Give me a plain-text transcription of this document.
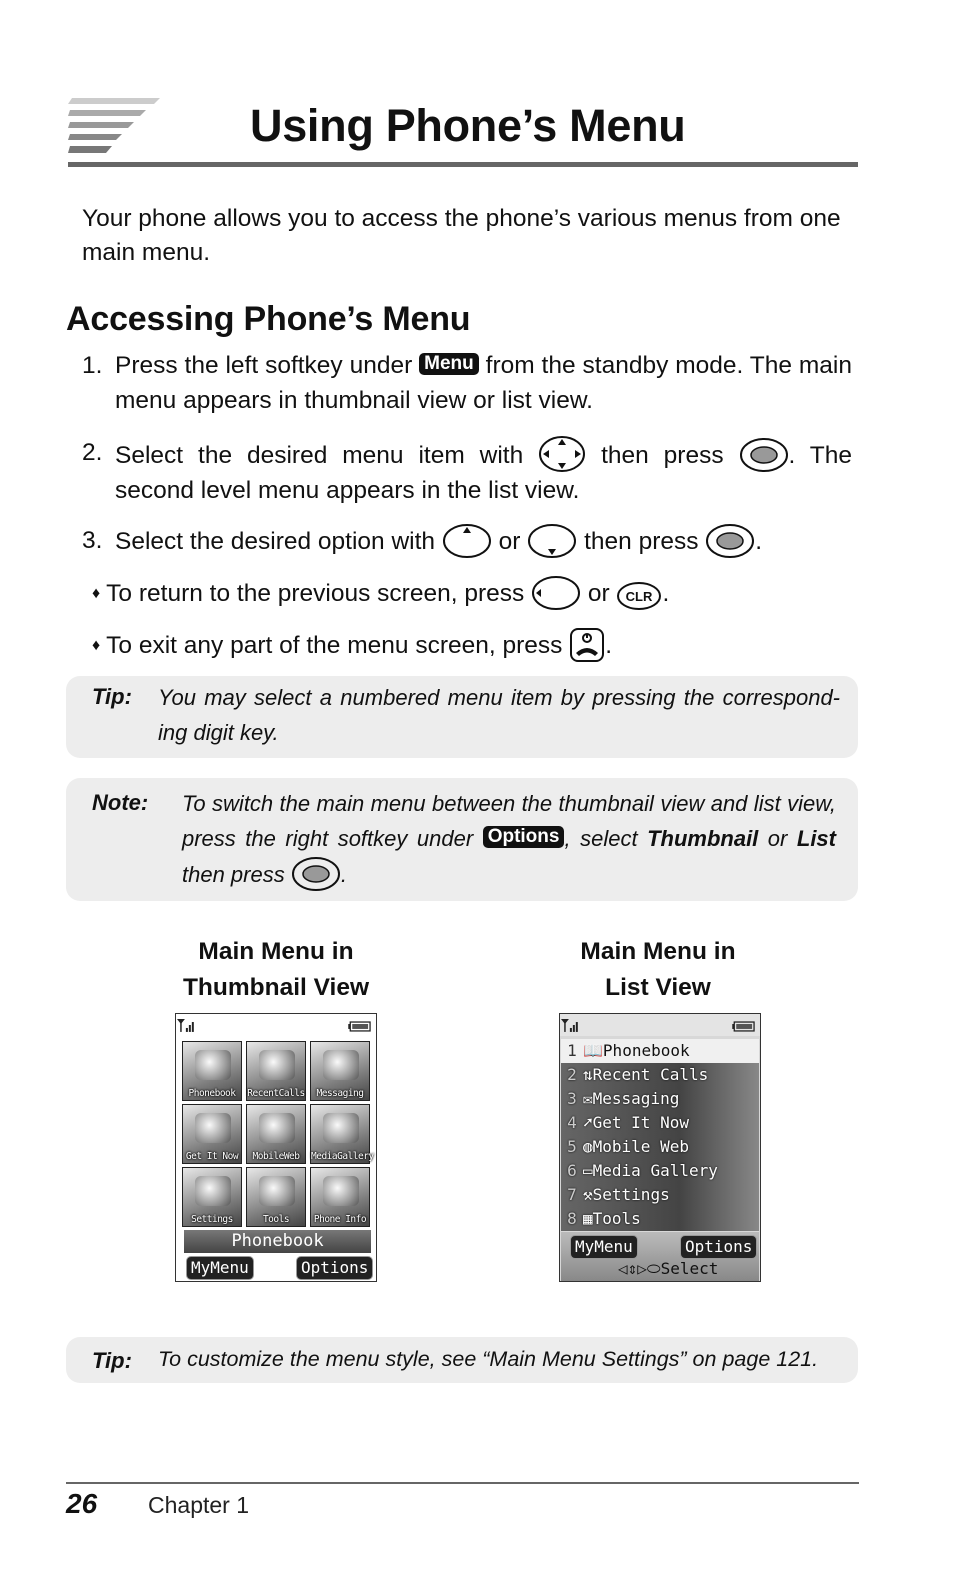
Using Phone’s Menu

Your phone allows you to access the phone’s various menus from one main menu.

Accessing Phone’s Menu
1. Press the left softkey under Menu from the standby mode. The main menu appears in thumbnail view or list view.
2. Select the desired menu item with  then press . The second level menu appears in the list view.
3. Select the desired option with  or  then press .
♦ To return to the previous screen, press  or CLR .
♦ To exit any part of the menu screen, press .
Tip: You may select a numbered menu item by pressing the correspond-ing digit key.
Note: To switch the main menu between the thumbnail view and list view, press the right softkey under Options , select Thumbnail or List then press .
Main Menu in
Thumbnail View
Main Menu in
List View
Phonebook	RecentCalls	Messaging
Get It Now	MobileWeb	MediaGallery
Settings	Tools	Phone Info
Phonebook
MyMenu	Options
1 📖Phonebook
2 ⇅Recent Calls
3 ✉Messaging
4 ➚Get It Now
5 ◍Mobile Web
6 ▭Media Gallery
7 ⚒Settings
8 ▦Tools
MyMenu	Options
◁⇕▷⬭Select
Tip: To customize the menu style, see “Main Menu Settings” on page 121.
26 Chapter 1
